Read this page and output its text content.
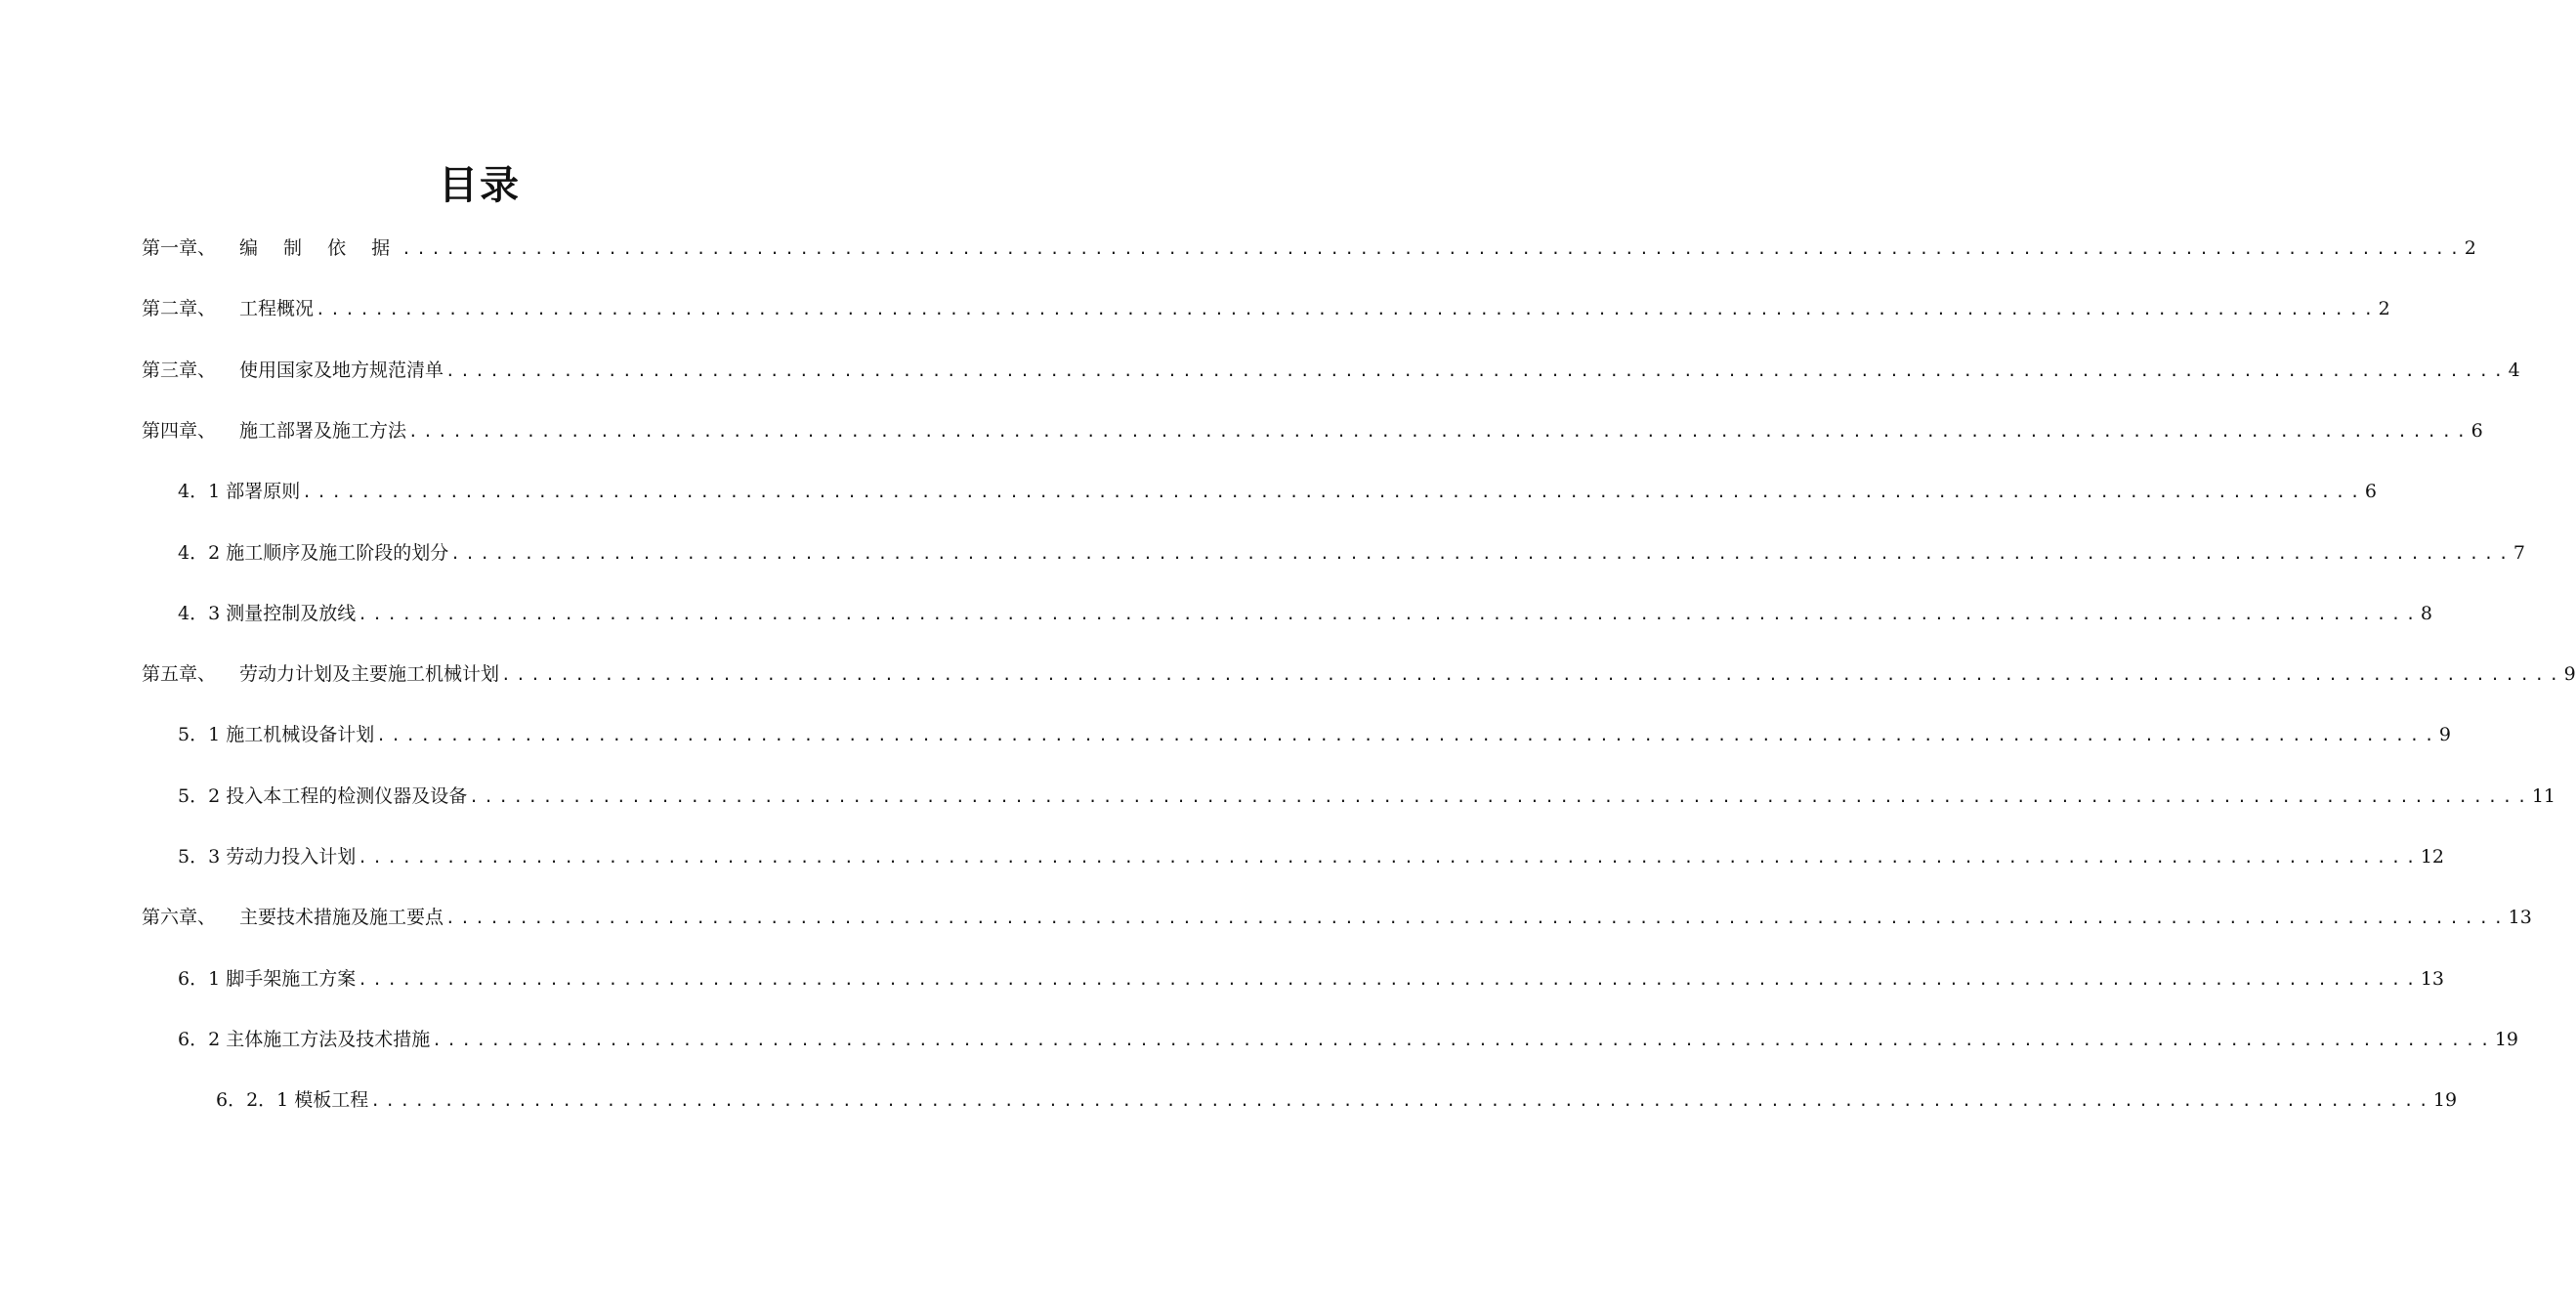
目录
第一章、	编 制 依 据 ............................................................................................................................................ 2
第二章、	工程概况 ............................................................................................................................................ 2
第三章、	使用国家及地方规范清单 ............................................................................................................................................ 4
第四章、	施工部署及施工方法 ............................................................................................................................................ 6
4．1 部署原则 ............................................................................................................................................ 6
4．2 施工顺序及施工阶段的划分 ............................................................................................................................................ 7
4．3 测量控制及放线 ............................................................................................................................................ 8
第五章、	劳动力计划及主要施工机械计划 ............................................................................................................................................ 9
5．1 施工机械设备计划 ............................................................................................................................................ 9
5．2 投入本工程的检测仪器及设备 ............................................................................................................................................ 11
5．3 劳动力投入计划 ............................................................................................................................................ 12
第六章、	主要技术措施及施工要点 ............................................................................................................................................ 13
6．1 脚手架施工方案 ............................................................................................................................................ 13
6．2 主体施工方法及技术措施 ............................................................................................................................................ 19
6．2．1 模板工程 ............................................................................................................................................ 19
